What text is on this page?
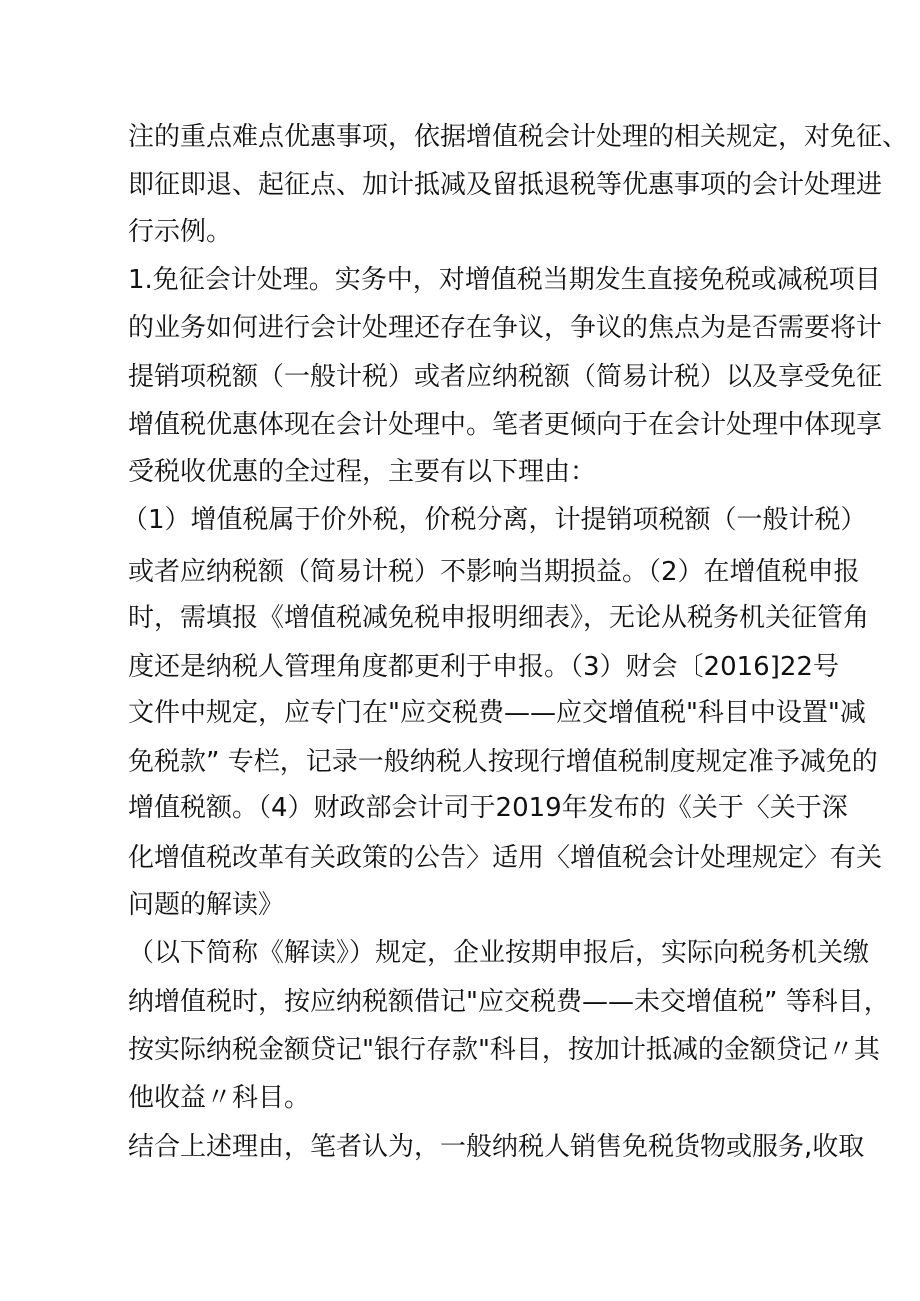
注的重点难点优惠事项，依据增值税会计处理的相关规定，对免征、
即征即退、起征点、加计抵减及留抵退税等优惠事项的会计处理进
行示例。
1.免征会计处理。实务中，对增值税当期发生直接免税或减税项目
的业务如何进行会计处理还存在争议，争议的焦点为是否需要将计
提销项税额（一般计税）或者应纳税额（简易计税）以及享受免征
增值税优惠体现在会计处理中。笔者更倾向于在会计处理中体现享
受税收优惠的全过程，主要有以下理由：
（1）增值税属于价外税，价税分离，计提销项税额（一般计税）
或者应纳税额（简易计税）不影响当期损益。（2）在增值税申报
时，需填报《增值税减免税申报明细表》，无论从税务机关征管角
度还是纳税人管理角度都更利于申报。（3）财会〔2016]22号
文件中规定，应专门在"应交税费——应交增值税"科目中设置"减
免税款” 专栏，记录一般纳税人按现行增值税制度规定准予减免的
增值税额。（4）财政部会计司于2019年发布的《关于〈关于深
化增值税改革有关政策的公告〉适用〈增值税会计处理规定〉有关
问题的解读》
（以下简称《解读》）规定，企业按期申报后，实际向税务机关缴
纳增值税时，按应纳税额借记"应交税费——未交增值税” 等科目，
按实际纳税金额贷记"银行存款"科目，按加计抵减的金额贷记〃其
他收益〃科目。
结合上述理由，笔者认为，一般纳税人销售免税货物或服务,收取
